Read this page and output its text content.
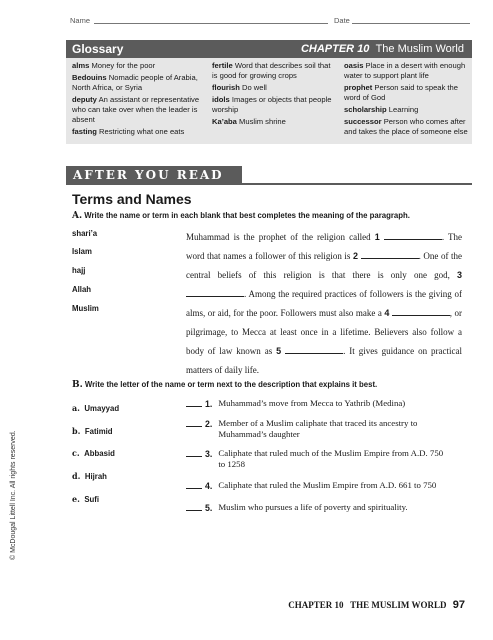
Name	Date
Glossary	CHAPTER 10 The Muslim World

alms Money for the poor

Bedouins Nomadic people of Arabia, North Africa, or Syria

deputy An assistant or representative who can take over when the leader is absent

fasting Restricting what one eats

fertile Word that describes soil that is good for growing crops

flourish Do well

idols Images or objects that people worship

Ka’aba Muslim shrine

oasis Place in a desert with enough water to support plant life

prophet Person said to speak the word of God

scholarship Learning

successor Person who comes after and takes the place of someone else

AFTER YOU READ
Terms and Names
A. Write the name or term in each blank that best completes the meaning of the paragraph.
shari’a
Islam
hajj
Allah
Muslim
Muhammad is the prophet of the religion called 1	. The word that names a follower of this religion is 2	. One of the central beliefs of this religion is that there is only one god, 3 . Among the required practices of followers is the giving of alms, or aid, for the poor. Followers must also make a 4	, or pilgrimage, to Mecca at least once in a lifetime. Believers also follow a body of law known as 5	. It gives guidance on practical matters of daily life.
B. Write the letter of the name or term next to the description that explains it best.
a. Umayyad
b. Fatimid
c. Abbasid
d. Hijrah
e. Sufi
1. Muhammad’s move from Mecca to Yathrib (Medina)
2. Member of a Muslim caliphate that traced its ancestry to Muhammad’s daughter
3. Caliphate that ruled much of the Muslim Empire from A.D. 750 to 1258
4. Caliphate that ruled the Muslim Empire from A.D. 661 to 750
5. Muslim who pursues a life of poverty and spirituality.
© McDougal Littell Inc. All rights reserved.
CHAPTER 10 THE MUSLIM WORLD 97
